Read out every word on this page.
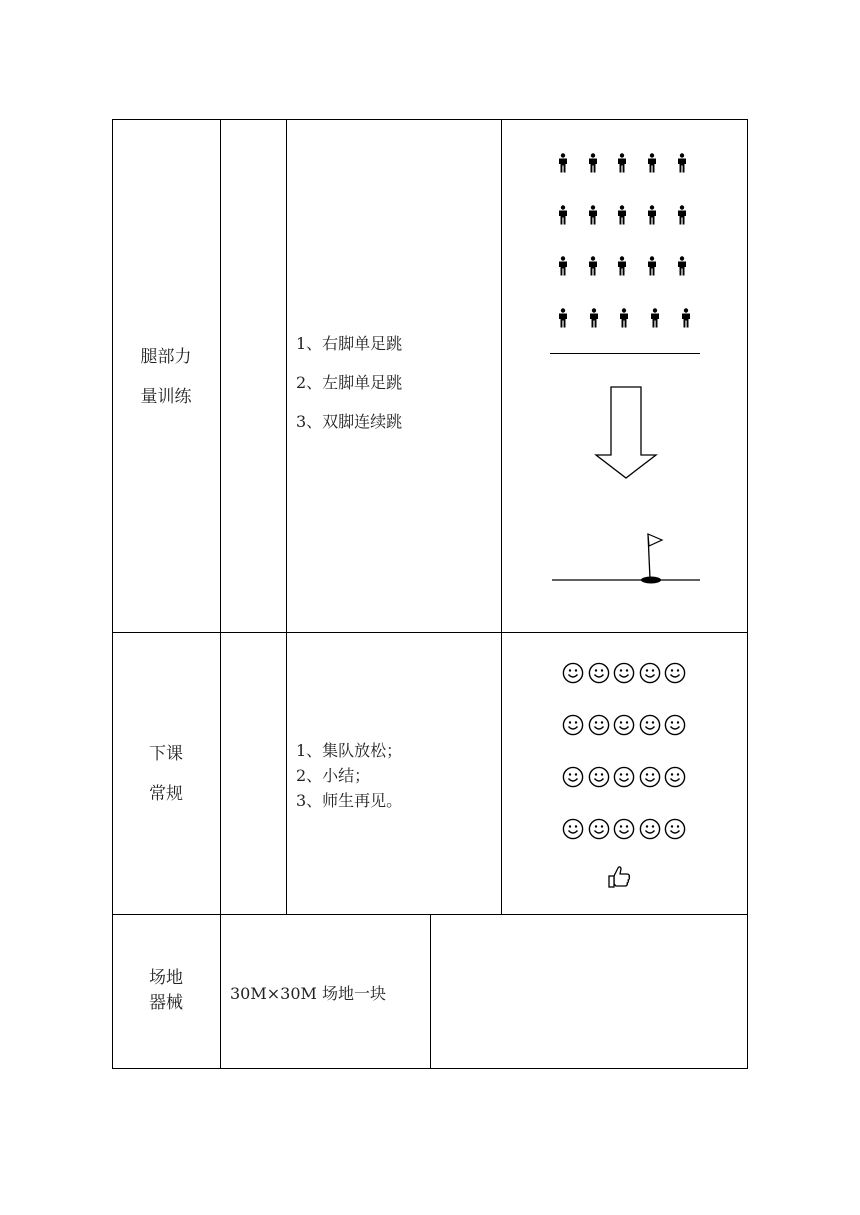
腿部力
量训练
1、右脚单足跳
2、左脚单足跳
3、双脚连续跳
下课
常规
1、集队放松；
2、小结；
3、师生再见。
场地
器械	30M×30M 场地一块
